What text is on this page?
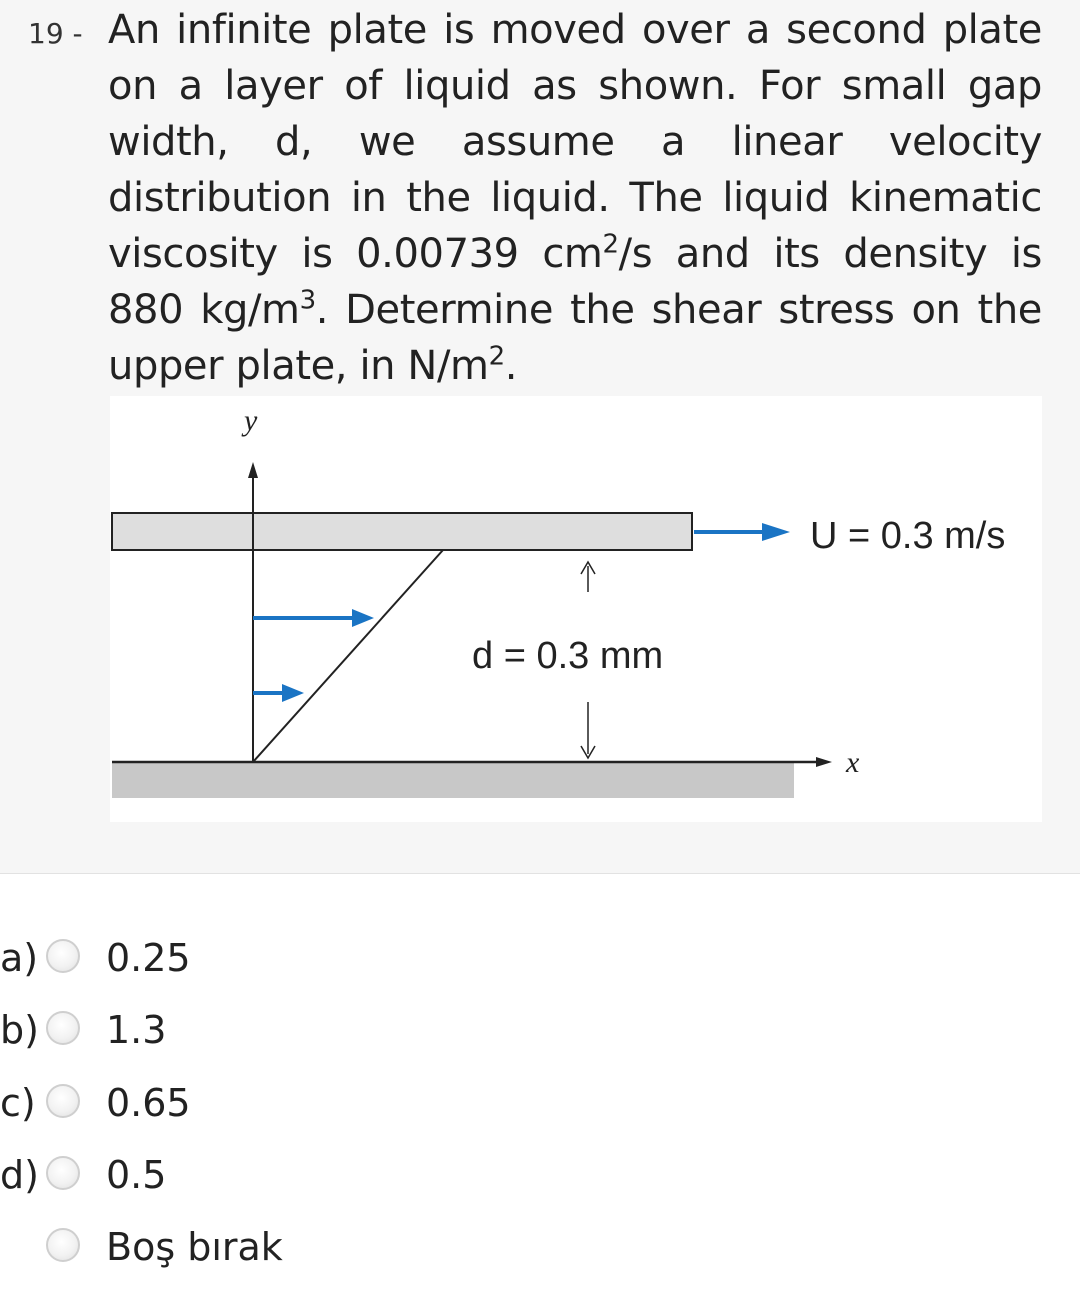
19 - An infinite plate is moved over a second plate on a layer of liquid as shown. For small gap width, d, we assume a linear velocity distribution in the liquid. The liquid kinematic viscosity is 0.00739 $cm^2/s$ and its density is 880 $kg/m^3$. Determine the shear stress on the upper plate, in $N/m^2$.
y
U = 0.3 m/s
d = 0.3 mm
x
a) 0.25
b) 1.3
c) 0.65
d) 0.5
Boş bırak
